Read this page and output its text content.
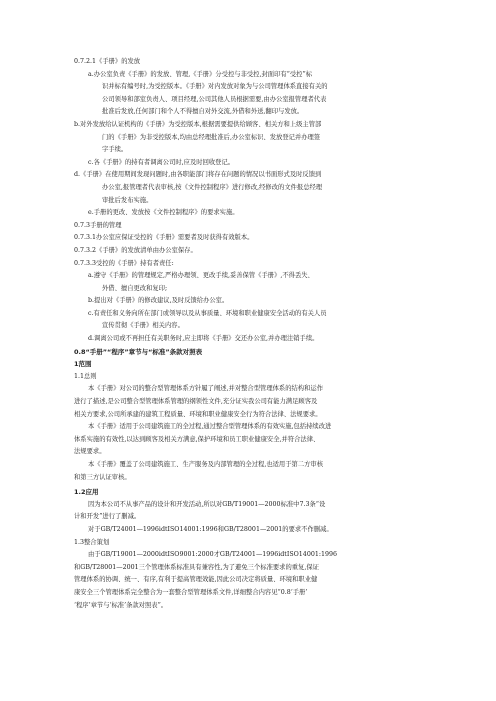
0.7.2.1《手册》的发放

a.办公室负责《手册》的发放、管理,《手册》分受控与非受控,封面印有“受控”标

识并标有编号时,为受控版本。《手册》对内发放对象为与公司管理体系直接有关的

公司领导和部室负责人、项目经理,公司其他人员根据需要,由办公室报管理者代表

批准后发放,任何部门和个人不得擅自对外交流,外借和外送,翻印与发放。

b.对外发放给认证机构的《手册》为受控版本,根据需要提供给顾客、相关方和上级主管部

门的《手册》为非受控版本,均由总经理批准后,办公室标识、发放登记并办理签

字手续。

c.各《手册》的持有者调离公司时,应及时回收登记。

d.《手册》在使用期间发现问题时,由各职能部门将存在问题的情况以书面形式及时反馈到

办公室,报管理者代表审核,按《文件控制程序》进行修改,经修改的文件报总经理

审批后发布实施。

e.手册的更改、发放按《文件控制程序》的要求实施。

0.7.3手册的管理

0.7.3.1办公室应保证受控的《手册》需要者及时获得有效版本。

0.7.3.2《手册》的发放清单由办公室保存。

0.7.3.3受控的《手册》持有者责任:

a.遵守《手册》的管理规定,严格办理领、更改手续,妥善保管《手册》,不得丢失、

外借、擅自更改和复印;

b.提出对《手册》的修改建议,及时反馈给办公室。

c.有责任和义务向所在部门或领导以及从事质量、环境和职业健康安全活动的有关人员

宣传贯彻《手册》相关内容。

d.调离公司或不再担任有关职务时,应主即将《手册》交还办公室,并办理注销手续。

0.8“手册”“程序”章节与“标准”条款对照表

1范围

1.1总则

本《手册》对公司的整合型管理体系方针履了阐述,并对整合型管理体系的结构和运作

进行了描述,是公司整合型管理体系管理的纲领性文件,充分证实我公司有能力满足顾客及

相关方要求,公司所承建的建筑工程质量、环境和职业健康安全行为符合法律、法规要求。

本《手册》适用于公司建筑施工的全过程,通过整合型管理体系的有效实施,包括持续改进

体系实施的有效性,以达到顾客及相关方满意,保护环境和员工职业健康安全,并符合法律、

法规要求。

本《手册》覆盖了公司建筑施工、生产服务及内部管理的全过程,也适用于第二方审核

和第三方认证审核。

1.2应用

因为本公司不从事产品的设计和开发活动,所以对GB/T19001—2000标准中7.3条“设

计和开发”进行了删减。

对于GB/T24001—1996idtISO14001:1996和GB/T28001—2001的要求不作删减。

1.3整合策划

由于GB/T19001—2000idtISO9001:2000才GB/T24001—1996idtISO14001:1996

和GB/T28001—2001三个管理体系标准具有兼容性,为了避免三个标准要求的重复,保证

管理体系的协调、统一、有序,有利于提高管理效能,因此公司决定将质量、环境和职业健

康安全三个管理体系完全整合为一套整合型管理体系文件,详细整合内容见“0.8‘手册’

‘程序’章节与‘标准’条款对照表”。
